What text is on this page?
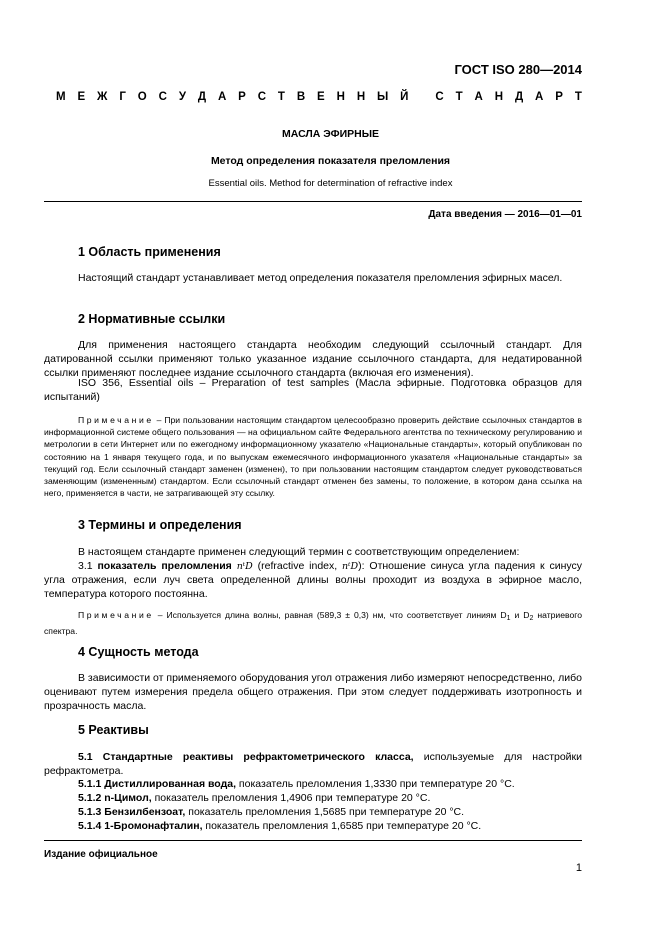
ГОСТ ISO 280—2014
М Е Ж Г О С У Д А Р С Т В Е Н Н Ы Й
С Т А Н Д А Р Т
МАСЛА ЭФИРНЫЕ
Метод определения показателя преломления
Essential oils. Method for determination of refractive index
Дата введения — 2016—01—01
1 Область применения
Настоящий стандарт устанавливает метод определения показателя преломления эфирных масел.
2 Нормативные ссылки
Для применения настоящего стандарта необходим следующий ссылочный стандарт. Для датированной ссылки применяют только указанное издание ссылочного стандарта, для недатированной ссылки применяют последнее издание ссылочного стандарта (включая его изменения).
ISO 356, Essential oils – Preparation of test samples (Масла эфирные. Подготовка образцов для испытаний)
Примечание – При пользовании настоящим стандартом целесообразно проверить действие ссылочных стандартов в информационной системе общего пользования — на официальном сайте Федерального агентства по техническому регулированию и метрологии в сети Интернет или по ежегодному информационному указателю «Национальные стандарты», который опубликован по состоянию на 1 января текущего года, и по выпускам ежемесячного информационного указателя «Национальные стандарты» за текущий год. Если ссылочный стандарт заменен (изменен), то при пользовании настоящим стандартом следует руководствоваться заменяющим (измененным) стандартом. Если ссылочный стандарт отменен без замены, то положение, в котором дана ссылка на него, применяется в части, не затрагивающей эту ссылку.
3 Термины и определения
В настоящем стандарте применен следующий термин с соответствующим определением:
3.1 показатель преломления nᵗD (refractive index, nᵗD): Отношение синуса угла падения к синусу угла отражения, если луч света определенной длины волны проходит из воздуха в эфирное масло, температура которого постоянна.
Примечание – Используется длина волны, равная (589,3 ± 0,3) нм, что соответствует линиям $D_1$ и $D_2$ натриевого спектра.
4 Сущность метода
В зависимости от применяемого оборудования угол отражения либо измеряют непосредственно, либо оценивают путем измерения предела общего отражения. При этом следует поддерживать изотропность и прозрачность масла.
5 Реактивы
5.1 Стандартные реактивы рефрактометрического класса, используемые для настройки рефрактометра.
5.1.1 Дистиллированная вода, показатель преломления 1,3330 при температуре 20 °C.
5.1.2 n-Цимол, показатель преломления 1,4906 при температуре 20 °C.
5.1.3 Бензилбензоат, показатель преломления 1,5685 при температуре 20 °C.
5.1.4 1-Бромонафталин, показатель преломления 1,6585 при температуре 20 °C.
Издание официальное
1
